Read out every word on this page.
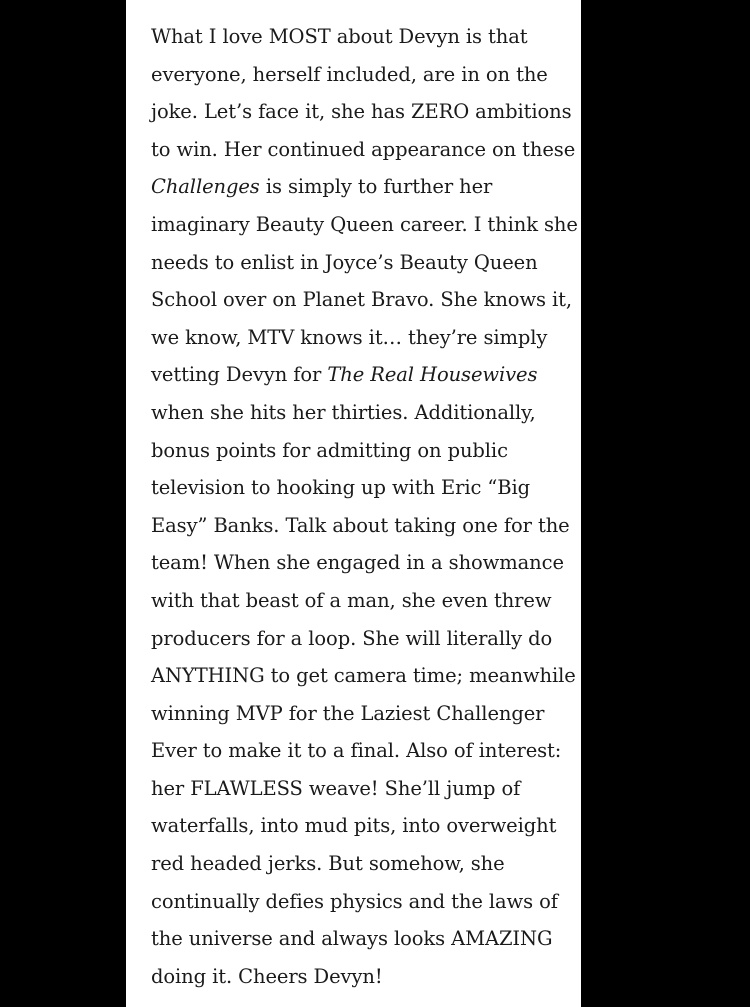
What I love MOST about Devyn is that
everyone, herself included, are in on the
joke. Let’s face it, she has ZERO ambitions
to win. Her continued appearance on these
Challenges is simply to further her
imaginary Beauty Queen career. I think she
needs to enlist in Joyce’s Beauty Queen
School over on Planet Bravo. She knows it,
we know, MTV knows it… they’re simply
vetting Devyn for The Real Housewives
when she hits her thirties. Additionally,
bonus points for admitting on public
television to hooking up with Eric “Big
Easy” Banks. Talk about taking one for the
team! When she engaged in a showmance
with that beast of a man, she even threw
producers for a loop. She will literally do
ANYTHING to get camera time; meanwhile
winning MVP for the Laziest Challenger
Ever to make it to a final. Also of interest:
her FLAWLESS weave! She’ll jump of
waterfalls, into mud pits, into overweight
red headed jerks. But somehow, she
continually defies physics and the laws of
the universe and always looks AMAZING
doing it. Cheers Devyn!
